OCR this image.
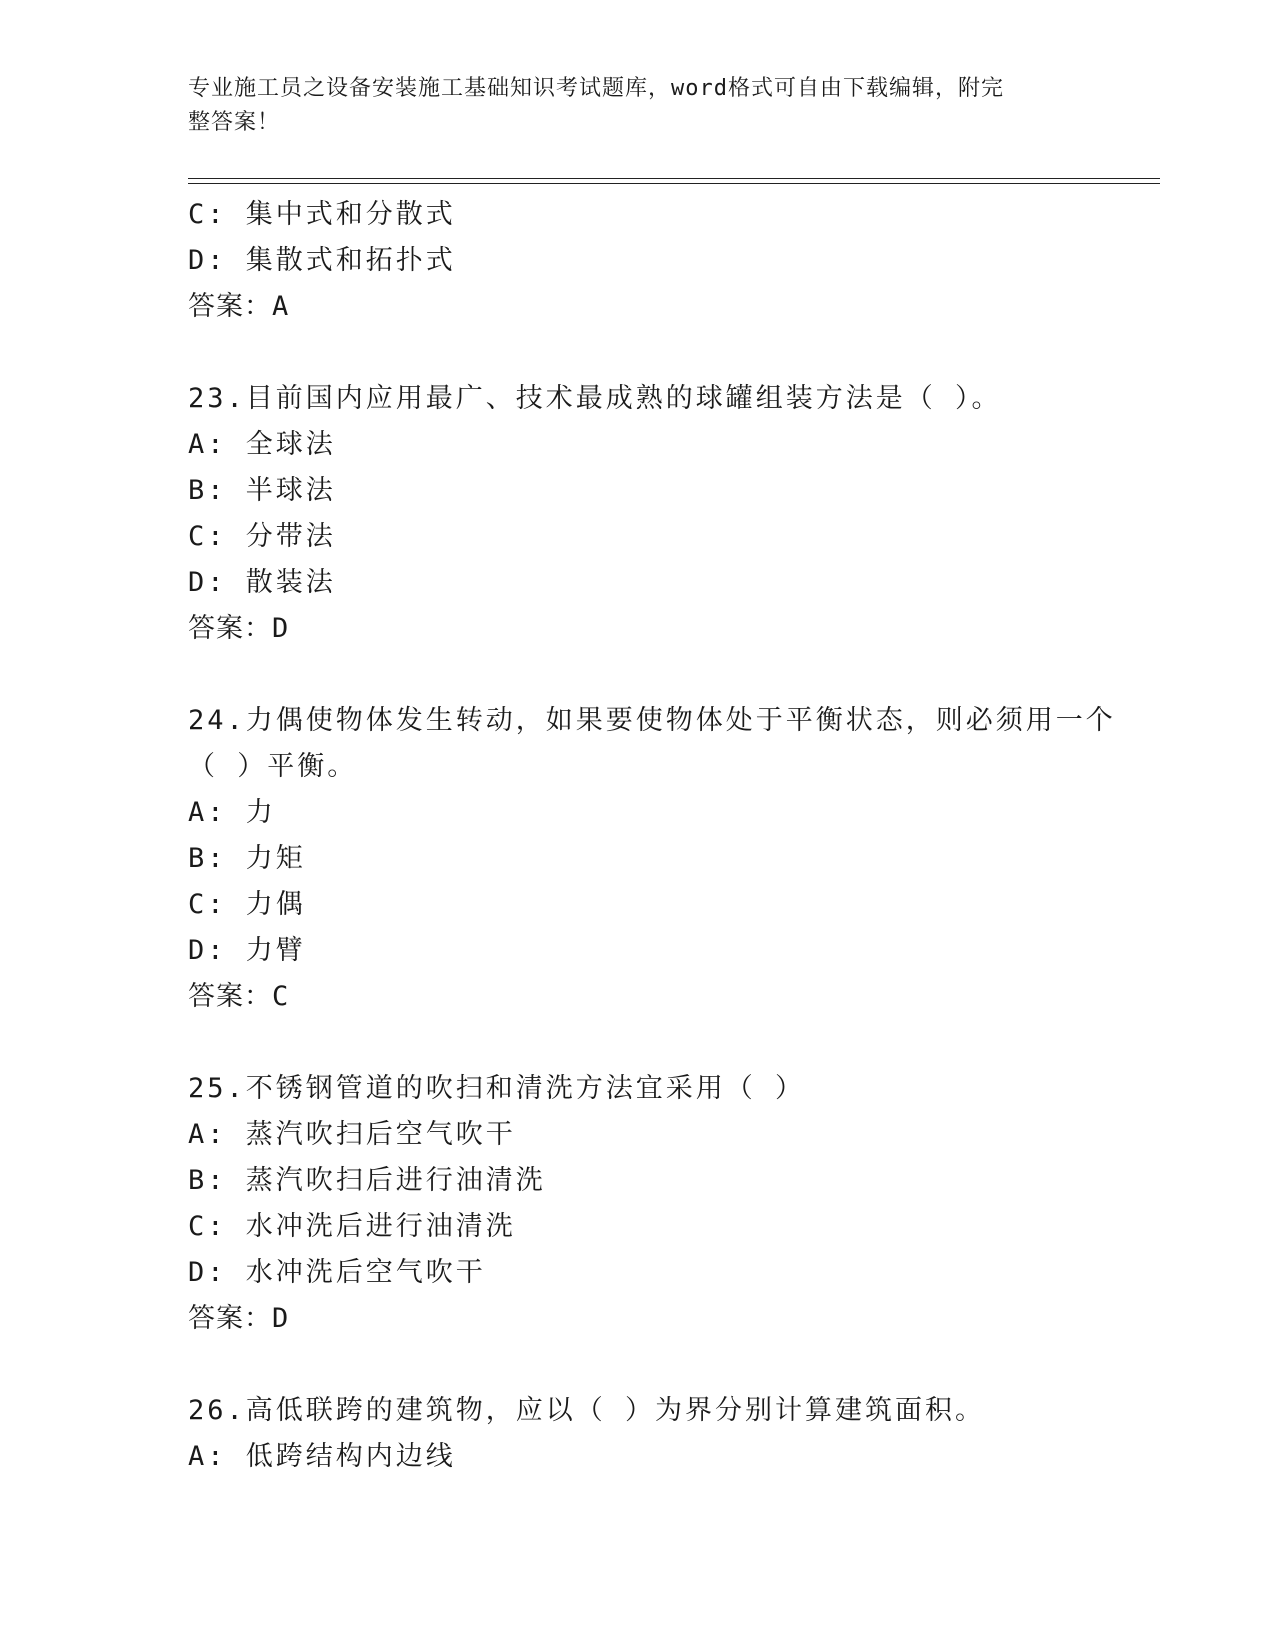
专业施工员之设备安装施工基础知识考试题库，word格式可自由下载编辑，附完
整答案！
C: 集中式和分散式
D: 集散式和拓扑式
答案：A
23.目前国内应用最广、技术最成熟的球罐组装方法是（ ）。
A: 全球法
B: 半球法
C: 分带法
D: 散装法
答案：D
24.力偶使物体发生转动，如果要使物体处于平衡状态，则必须用一个
（ ）平衡。
A: 力
B: 力矩
C: 力偶
D: 力臂
答案：C
25.不锈钢管道的吹扫和清洗方法宜采用（ ）
A: 蒸汽吹扫后空气吹干
B: 蒸汽吹扫后进行油清洗
C: 水冲洗后进行油清洗
D: 水冲洗后空气吹干
答案：D
26.高低联跨的建筑物，应以（ ）为界分别计算建筑面积。
A: 低跨结构内边线
